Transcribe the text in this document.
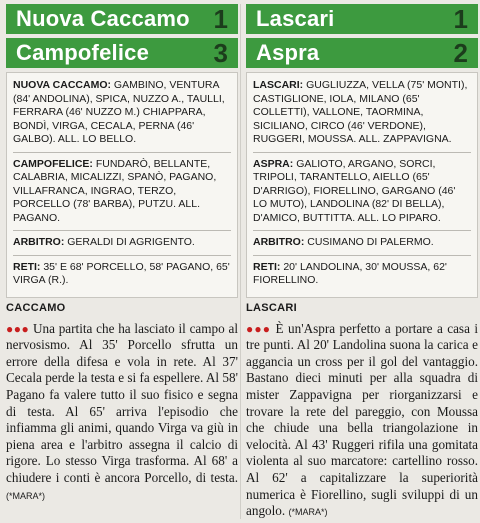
Nuova Caccamo 1
Campofelice 3
NUOVA CACCAMO: GAMBINO, VENTURA (84' ANDOLINA), SPICA, NUZZO A., TAULLI, FERRARA (46' NUZZO M.) CHIAPPARA, BONDÌ, VIRGA, CECALA, PERNA (46' GALBO). ALL. LO BELLO.
CAMPOFELICE: FUNDARÒ, BELLANTE, CALABRIA, MICALIZZI, SPANÒ, PAGANO, VILLAFRANCA, INGRAO, TERZO, PORCELLO (78' BARBA), PUTZU. ALL. PAGANO.
ARBITRO: GERALDI DI AGRIGENTO.
RETI: 35' E 68' PORCELLO, 58' PAGANO, 65' VIRGA (R.).
Lascari	1
Aspra	2
LASCARI: GUGLIUZZA, VELLA (75' MONTI), CASTIGLIONE, IOLA, MILANO (65' COLLETTI), VALLONE, TAORMINA, SICILIANO, CIRCO (46' VERDONE), RUGGERI, MOUSSA. ALL. ZAPPAVIGNA.
ASPRA: GALIOTO, ARGANO, SORCI, TRIPOLI, TARANTELLO, AIELLO (65' D'ARRIGO), FIORELLINO, GARGANO (46' LO MUTO), LANDOLINA (82' DI BELLA), D'AMICO, BUTTITTA. ALL. LO PIPARO.
ARBITRO: CUSIMANO DI PALERMO.
RETI: 20' LANDOLINA, 30' MOUSSA, 62' FIORELLINO.
CACCAMO
●●● Una partita che ha lasciato il campo al nervosismo. Al 35' Porcello sfrutta un errore della difesa e vola in rete. Al 37' Cecala perde la testa e si fa espellere. Al 58' Pagano fa valere tutto il suo fisico e segna di testa. Al 65' arriva l'episodio che infiamma gli animi, quando Virga va giù in piena area e l'arbitro assegna il calcio di rigore. Lo stesso Virga trasforma. Al 68' a chiudere i conti è ancora Porcello, di testa. (*MARA*)
LASCARI
●●● È un'Aspra perfetto a portare a casa i tre punti. Al 20' Landolina suona la carica e aggancia un cross per il gol del vantaggio. Bastano dieci minuti per alla squadra di mister Zappavigna per riorganizzarsi e trovare la rete del pareggio, con Moussa che chiude una bella triangolazione in velocità. Al 43' Ruggeri rifila una gomitata violenta al suo marcatore: cartellino rosso. Al 62' a capitalizzare la superiorità numerica è Fiorellino, sugli sviluppi di un angolo. (*MARA*)
